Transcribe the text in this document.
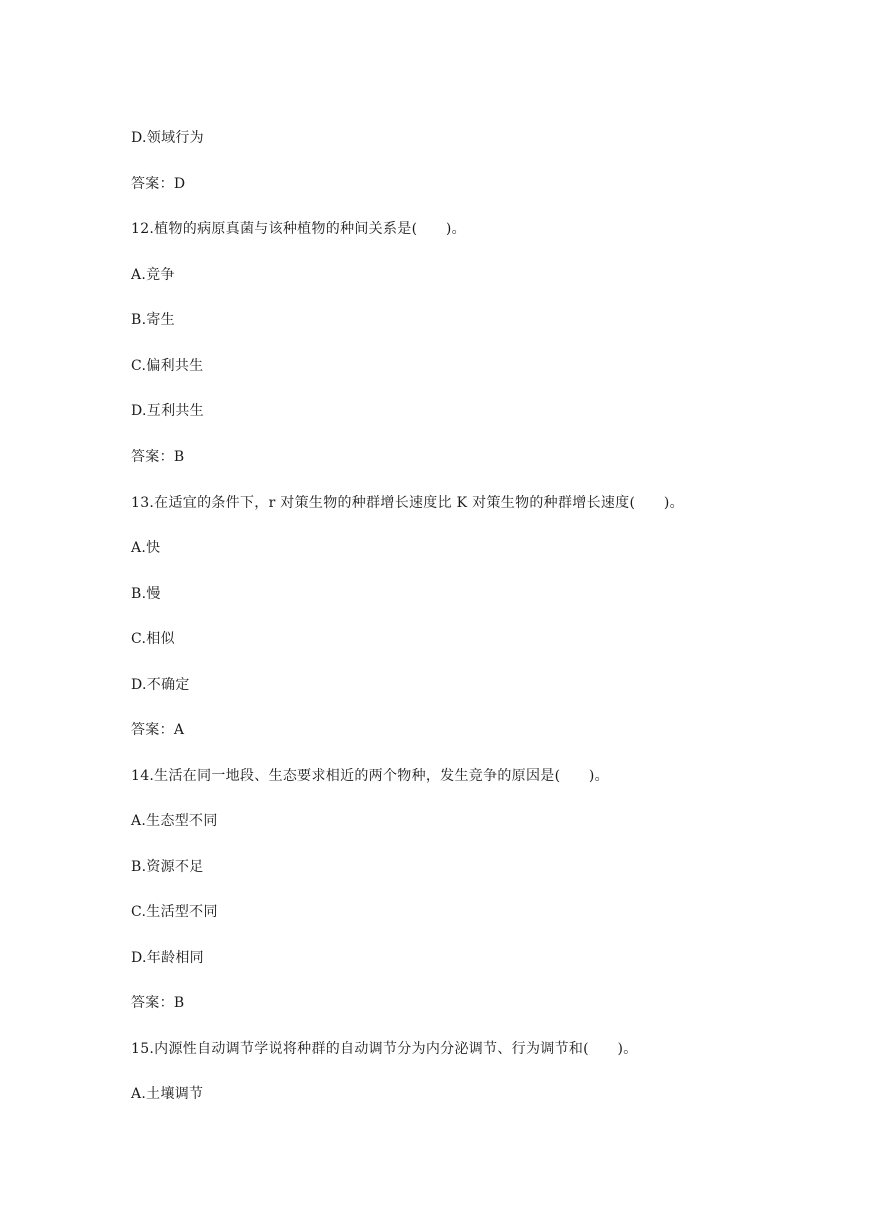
D.领域行为
答案：D
12.植物的病原真菌与该种植物的种间关系是(　　)。
A.竞争
B.寄生
C.偏利共生
D.互利共生
答案：B
13.在适宜的条件下，r 对策生物的种群增长速度比 K 对策生物的种群增长速度(　　)。
A.快
B.慢
C.相似
D.不确定
答案：A
14.生活在同一地段、生态要求相近的两个物种，发生竞争的原因是(　　)。
A.生态型不同
B.资源不足
C.生活型不同
D.年龄相同
答案：B
15.内源性自动调节学说将种群的自动调节分为内分泌调节、行为调节和(　　)。
A.土壤调节
